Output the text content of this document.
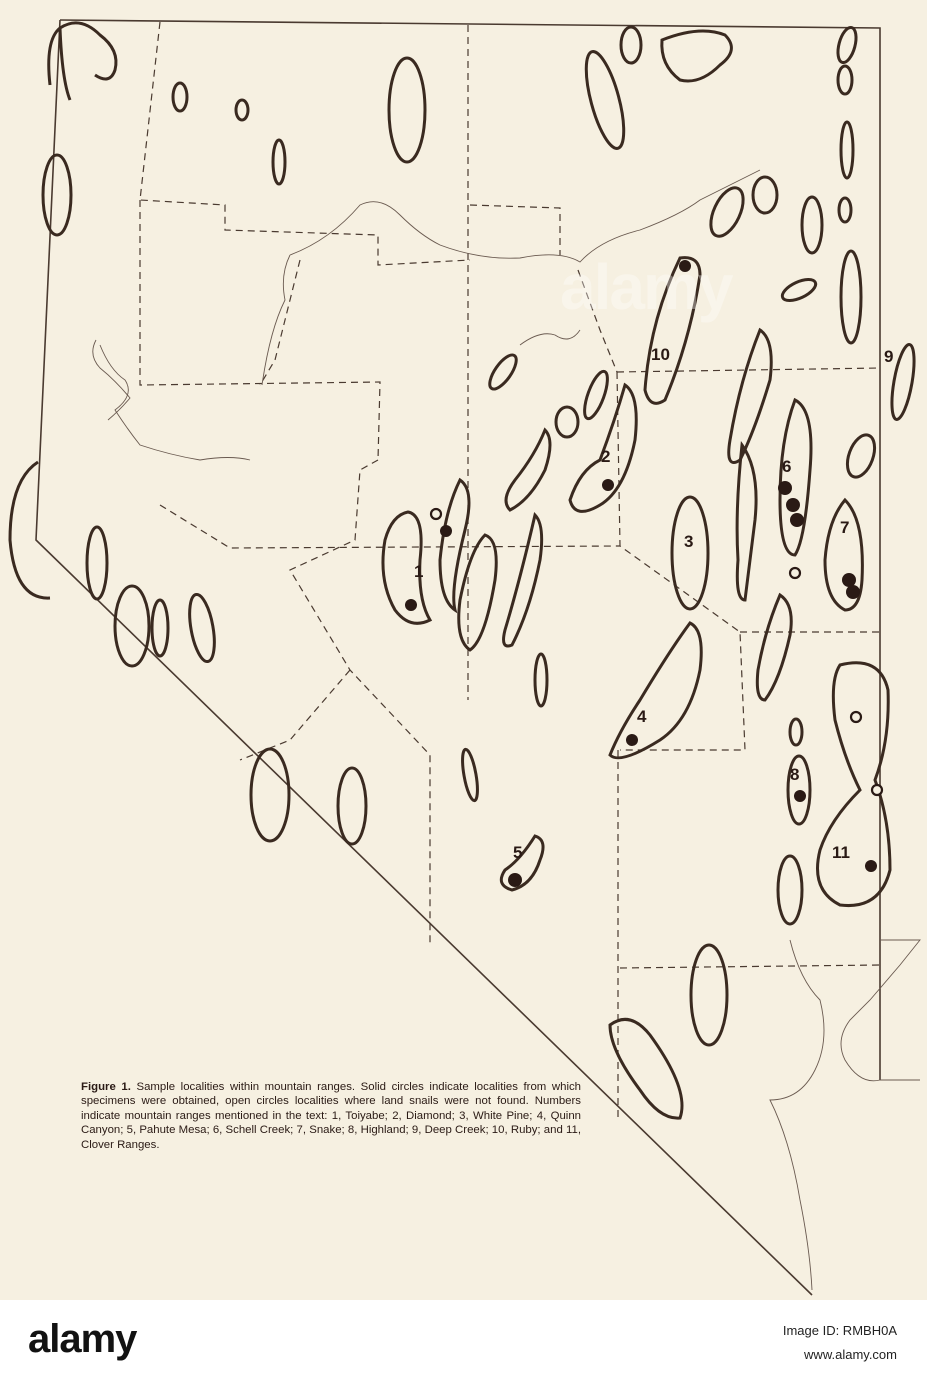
1
2
3
4
5
6
7
8
9
10
11
Figure 1. Sample localities within mountain ranges. Solid circles indicate localities from which specimens were obtained, open circles localities where land snails were not found. Numbers indicate mountain ranges mentioned in the text: 1, Toiyabe; 2, Diamond; 3, White Pine; 4, Quinn Canyon; 5, Pahute Mesa; 6, Schell Creek; 7, Snake; 8, Highland; 9, Deep Creek; 10, Ruby; and 11, Clover Ranges.
alamy
alamy	Image ID: RMBH0A
www.alamy.com
